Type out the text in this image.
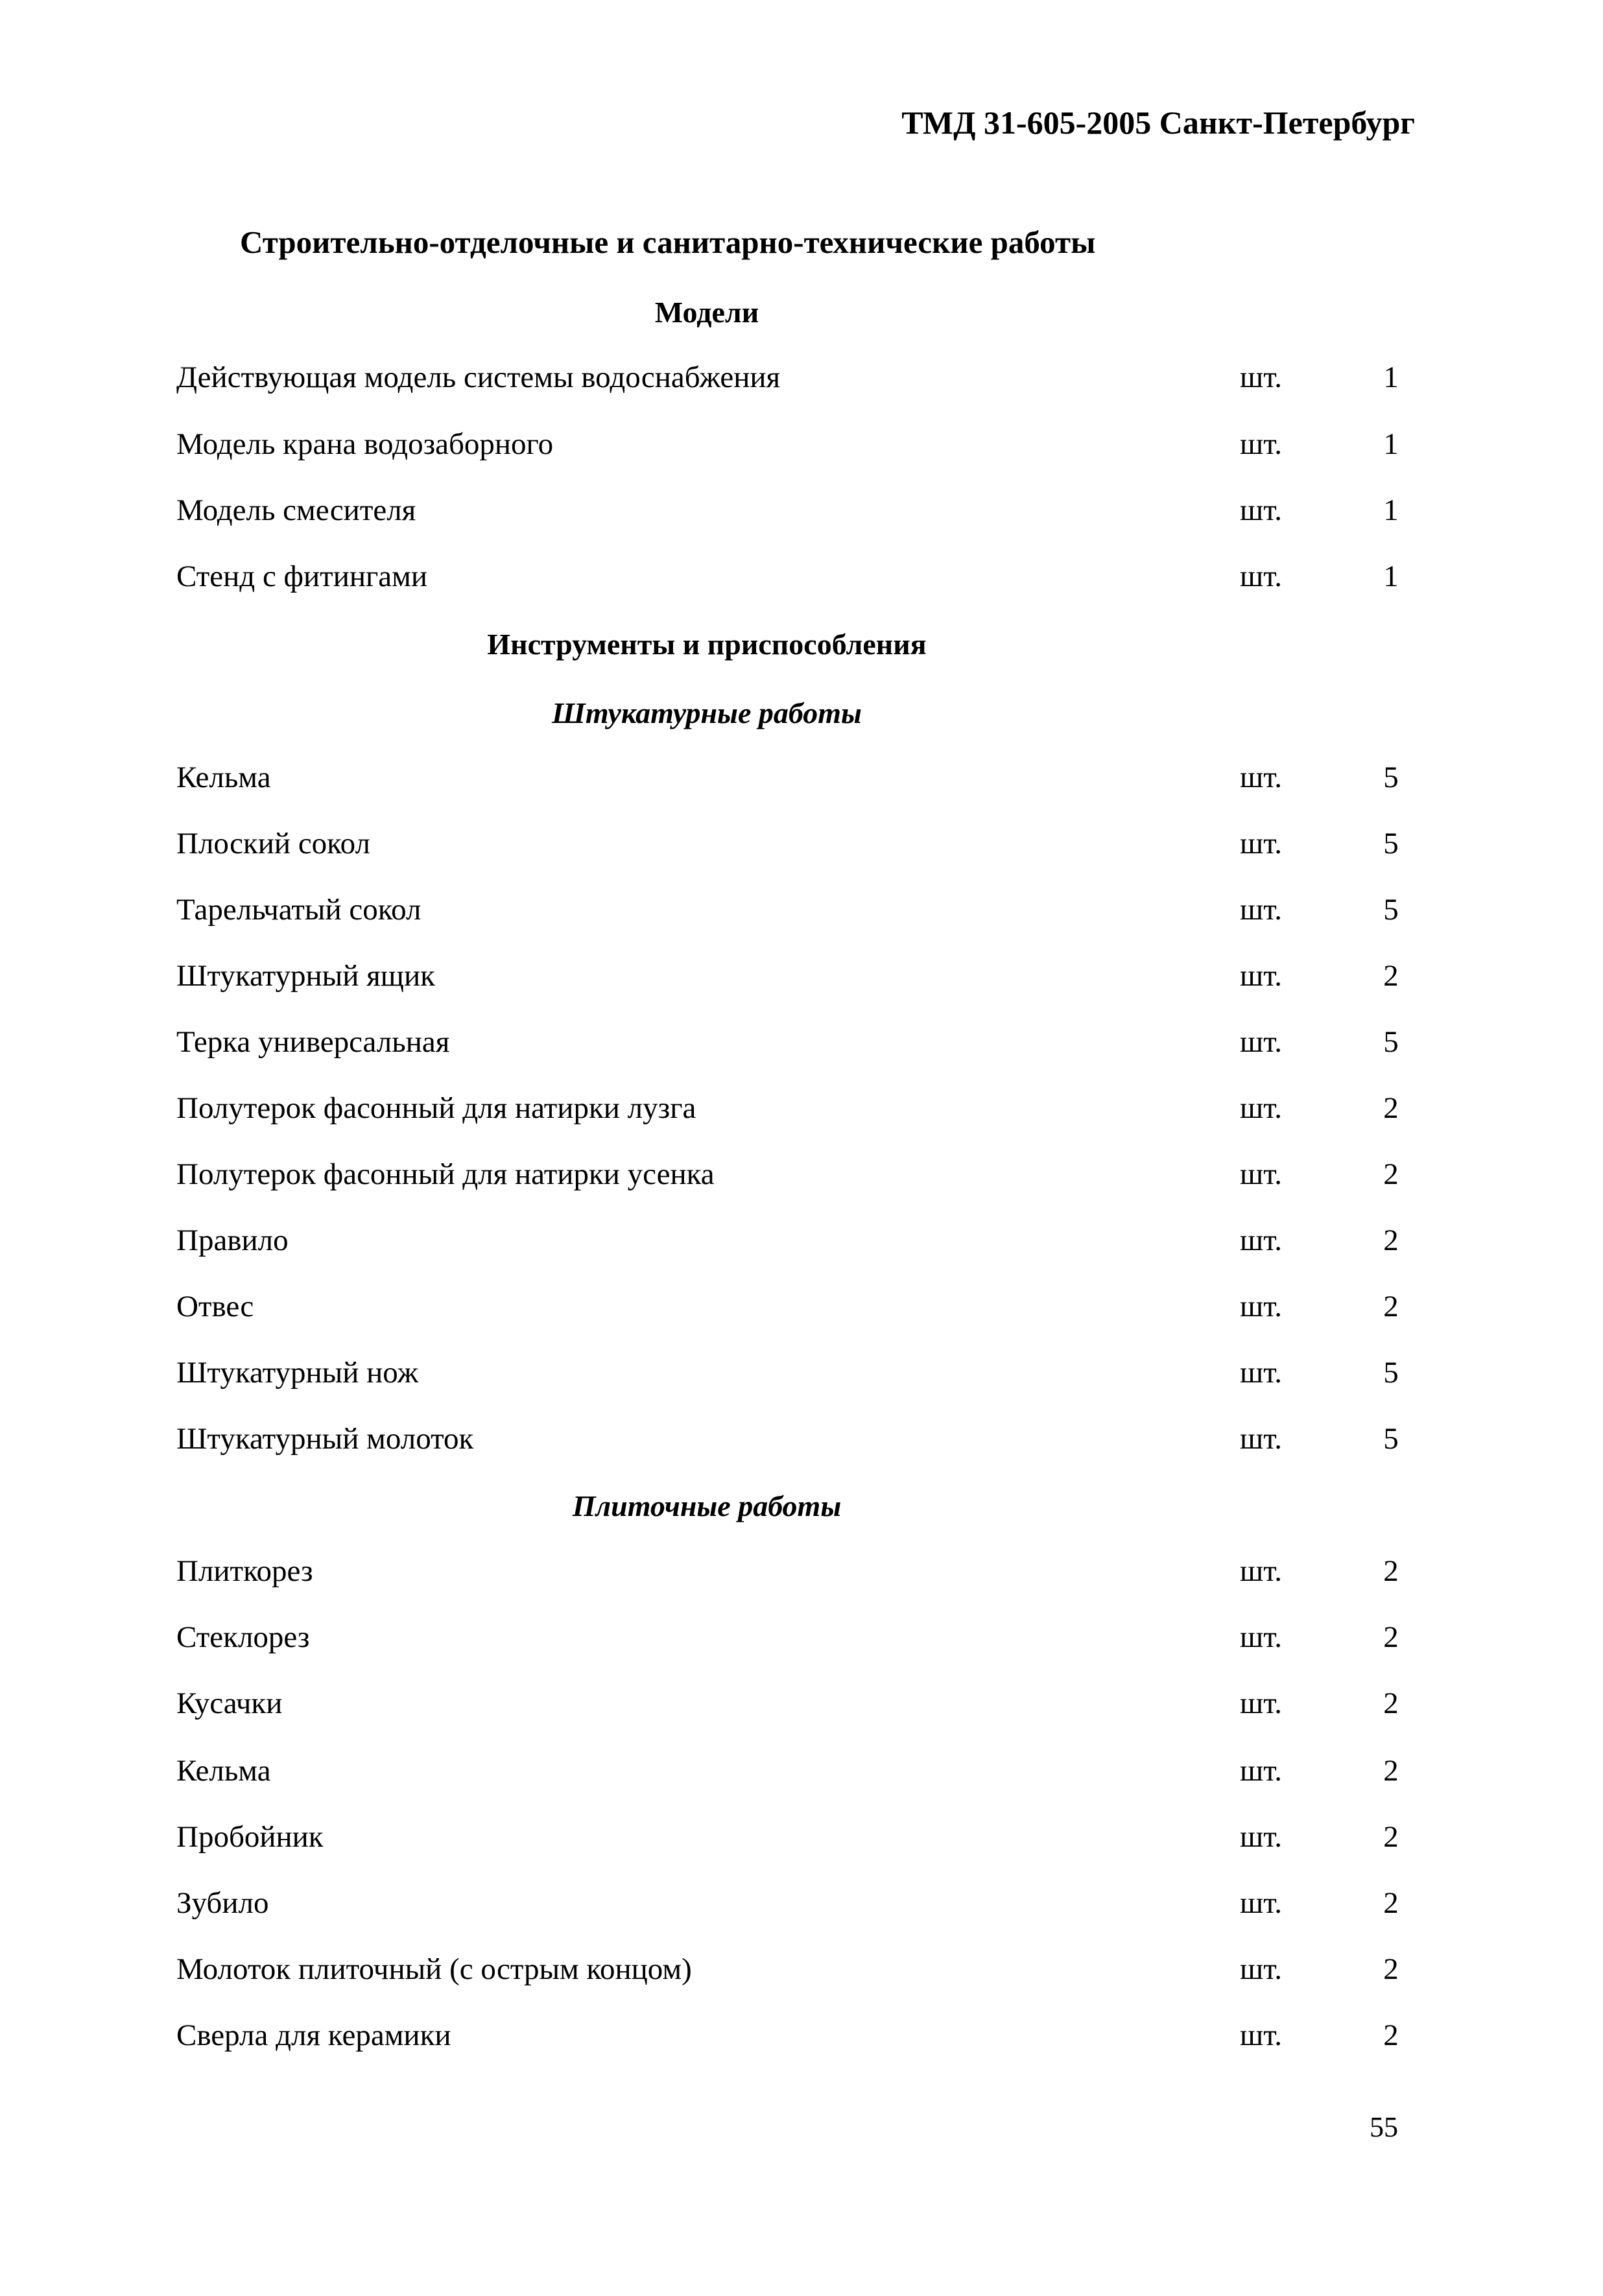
ТМД 31-605-2005 Санкт-Петербург
Строительно-отделочные и санитарно-технические работы
Модели
Действующая модель системы водоснабжения	шт.	1
Модель крана водозаборного	шт.	1
Модель смесителя	шт.	1
Стенд с фитингами	шт.	1
Инструменты и приспособления
Штукатурные работы
Кельма	шт.	5
Плоский сокол	шт.	5
Тарельчатый сокол	шт.	5
Штукатурный ящик	шт.	2
Терка универсальная	шт.	5
Полутерок фасонный для натирки лузга	шт.	2
Полутерок фасонный для натирки усенка	шт.	2
Правило	шт.	2
Отвес	шт.	2
Штукатурный нож	шт.	5
Штукатурный молоток	шт.	5
Плиточные работы
Плиткорез	шт.	2
Стеклорез	шт.	2
Кусачки	шт.	2
Кельма	шт.	2
Пробойник	шт.	2
Зубило	шт.	2
Молоток плиточный (с острым концом)	шт.	2
Сверла для керамики	шт.	2
55
